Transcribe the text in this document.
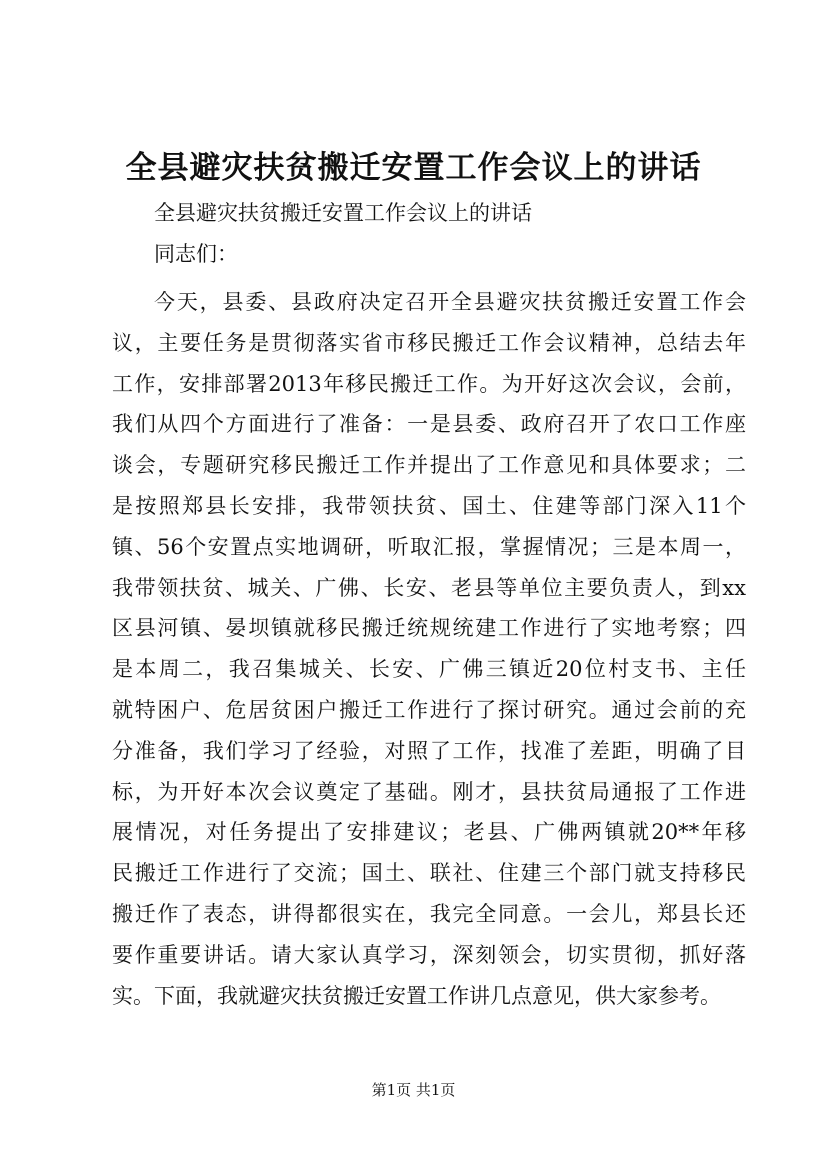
全县避灾扶贫搬迁安置工作会议上的讲话

全县避灾扶贫搬迁安置工作会议上的讲话

同志们：

今天，县委、县政府决定召开全县避灾扶贫搬迁安置工作会
议，主要任务是贯彻落实省市移民搬迁工作会议精神，总结去年
工作，安排部署2013年移民搬迁工作。为开好这次会议，会前，
我们从四个方面进行了准备：一是县委、政府召开了农口工作座
谈会，专题研究移民搬迁工作并提出了工作意见和具体要求；二
是按照郑县长安排，我带领扶贫、国土、住建等部门深入11个
镇、56个安置点实地调研，听取汇报，掌握情况；三是本周一，
我带领扶贫、城关、广佛、长安、老县等单位主要负责人，到xx
区县河镇、晏坝镇就移民搬迁统规统建工作进行了实地考察；四
是本周二，我召集城关、长安、广佛三镇近20位村支书、主任
就特困户、危居贫困户搬迁工作进行了探讨研究。通过会前的充
分准备，我们学习了经验，对照了工作，找准了差距，明确了目
标，为开好本次会议奠定了基础。刚才，县扶贫局通报了工作进
展情况，对任务提出了安排建议；老县、广佛两镇就20**年移
民搬迁工作进行了交流；国土、联社、住建三个部门就支持移民
搬迁作了表态，讲得都很实在，我完全同意。一会儿，郑县长还
要作重要讲话。请大家认真学习，深刻领会，切实贯彻，抓好落
实。下面，我就避灾扶贫搬迁安置工作讲几点意见，供大家参考。

第1页 共1页
